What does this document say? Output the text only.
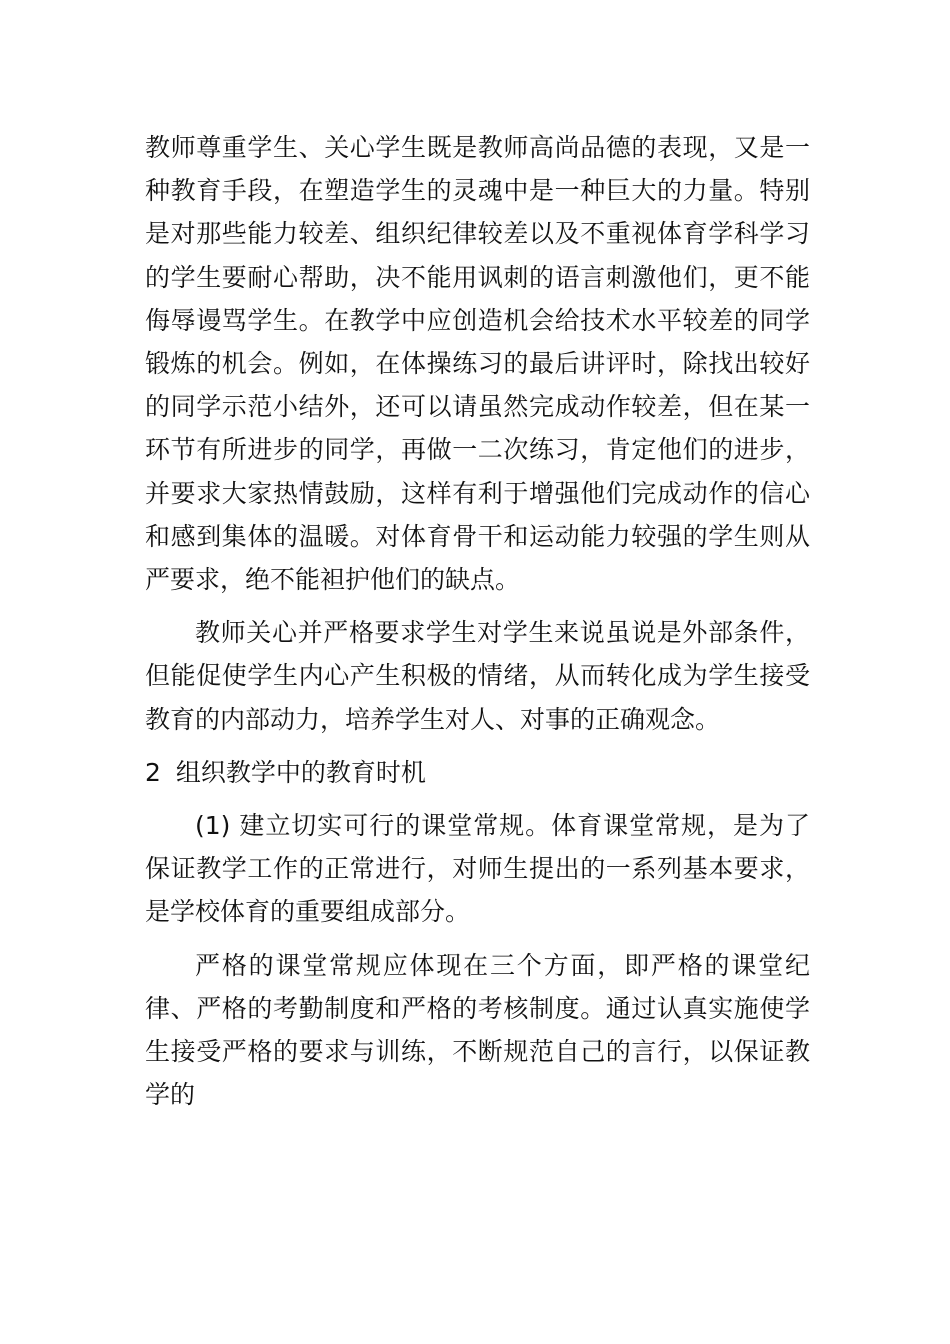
教师尊重学生、关心学生既是教师高尚品德的表现，又是一种教育手段，在塑造学生的灵魂中是一种巨大的力量。特别是对那些能力较差、组织纪律较差以及不重视体育学科学习的学生要耐心帮助，决不能用讽刺的语言刺激他们，更不能侮辱谩骂学生。在教学中应创造机会给技术水平较差的同学锻炼的机会。例如，在体操练习的最后讲评时，除找出较好的同学示范小结外，还可以请虽然完成动作较差，但在某一环节有所进步的同学，再做一二次练习，肯定他们的进步，并要求大家热情鼓励，这样有利于增强他们完成动作的信心和感到集体的温暖。对体育骨干和运动能力较强的学生则从严要求，绝不能袒护他们的缺点。

教师关心并严格要求学生对学生来说虽说是外部条件，但能促使学生内心产生积极的情绪，从而转化成为学生接受教育的内部动力，培养学生对人、对事的正确观念。

2 组织教学中的教育时机

(1) 建立切实可行的课堂常规。体育课堂常规，是为了保证教学工作的正常进行，对师生提出的一系列基本要求，是学校体育的重要组成部分。

严格的课堂常规应体现在三个方面，即严格的课堂纪律、严格的考勤制度和严格的考核制度。通过认真实施使学生接受严格的要求与训练，不断规范自己的言行，以保证教学的
